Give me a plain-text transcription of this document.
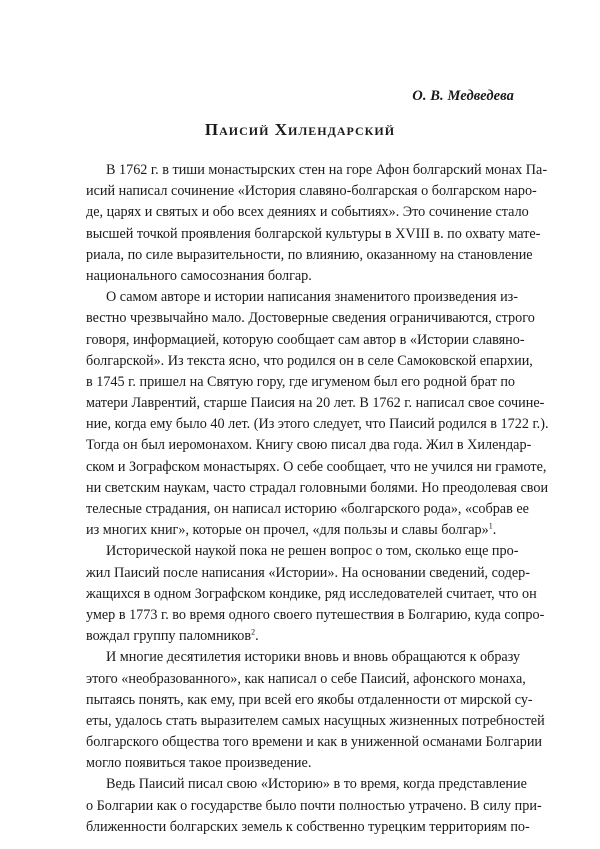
О. В. Медведева
Паисий Хилендарский
В 1762 г. в тиши монастырских стен на горе Афон болгарский монах Па-
исий написал сочинение «История славяно-болгарская о болгарском наро-
де, царях и святых и обо всех деяниях и событиях». Это сочинение стало
высшей точкой проявления болгарской культуры в XVIII в. по охвату мате-
риала, по силе выразительности, по влиянию, оказанному на становление
национального самосознания болгар.
О самом авторе и истории написания знаменитого произведения из-
вестно чрезвычайно мало. Достоверные сведения ограничиваются, строго
говоря, информацией, которую сообщает сам автор в «Истории славяно-
болгарской». Из текста ясно, что родился он в селе Самоковской епархии,
в 1745 г. пришел на Святую гору, где игуменом был его родной брат по
матери Лаврентий, старше Паисия на 20 лет. В 1762 г. написал свое сочине-
ние, когда ему было 40 лет. (Из этого следует, что Паисий родился в 1722 г.).
Тогда он был иеромонахом. Книгу свою писал два года. Жил в Хилендар-
ском и Зографском монастырях. О себе сообщает, что не учился ни грамоте,
ни светским наукам, часто страдал головными болями. Но преодолевая свои
телесные страдания, он написал историю «болгарского рода», «собрав ее
из многих книг», которые он прочел, «для пользы и славы болгар»$^1$.
Исторической наукой пока не решен вопрос о том, сколько еще про-
жил Паисий после написания «Истории». На основании сведений, содер-
жащихся в одном Зографском кондике, ряд исследователей считает, что он
умер в 1773 г. во время одного своего путешествия в Болгарию, куда сопро-
вождал группу паломников$^2$.
И многие десятилетия историки вновь и вновь обращаются к образу
этого «необразованного», как написал о себе Паисий, афонского монаха,
пытаясь понять, как ему, при всей его якобы отдаленности от мирской су-
еты, удалось стать выразителем самых насущных жизненных потребностей
болгарского общества того времени и как в униженной османами Болгарии
могло появиться такое произведение.
Ведь Паисий писал свою «Историю» в то время, когда представление
о Болгарии как о государстве было почти полностью утрачено. В силу при-
ближенности болгарских земель к собственно турецким территориям по-
